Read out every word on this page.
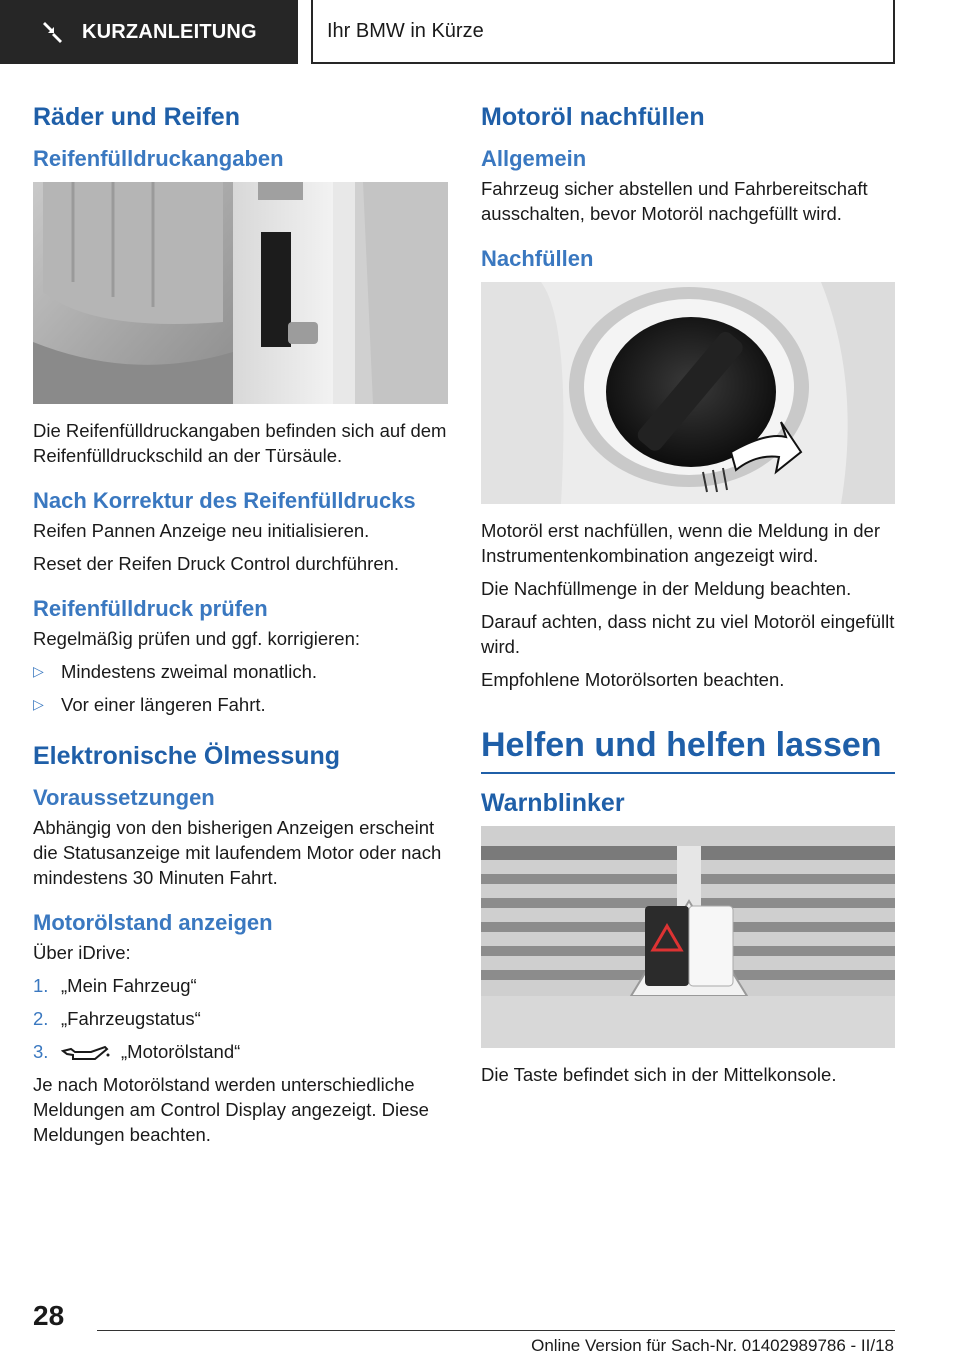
KURZANLEITUNG	Ihr BMW in Kürze
Räder und Reifen
Reifenfülldruckangaben
Die Reifenfülldruckangaben befinden sich auf dem Reifenfülldruckschild an der Türsäule.
Nach Korrektur des Reifenfülldrucks
Reifen Pannen Anzeige neu initialisieren.
Reset der Reifen Druck Control durchführen.
Reifenfülldruck prüfen
Regelmäßig prüfen und ggf. korrigieren:
▷ Mindestens zweimal monatlich.
▷ Vor einer längeren Fahrt.
Elektronische Ölmessung
Voraussetzungen
Abhängig von den bisherigen Anzeigen erscheint die Statusanzeige mit laufendem Motor oder nach mindestens 30 Minuten Fahrt.
Motorölstand anzeigen
Über iDrive:
1. „Mein Fahrzeug“
2. „Fahrzeugstatus“
3.	„Motorölstand“
Je nach Motorölstand werden unterschiedliche Meldungen am Control Display angezeigt. Diese Meldungen beachten.
Motoröl nachfüllen
Allgemein
Fahrzeug sicher abstellen und Fahrbereitschaft ausschalten, bevor Motoröl nachgefüllt wird.
Nachfüllen
Motoröl erst nachfüllen, wenn die Meldung in der Instrumentenkombination angezeigt wird.
Die Nachfüllmenge in der Meldung beachten.
Darauf achten, dass nicht zu viel Motoröl eingefüllt wird.
Empfohlene Motorölsorten beachten.
Helfen und helfen lassen
Warnblinker
Die Taste befindet sich in der Mittelkonsole.
28
Online Version für Sach-Nr. 01402989786 - II/18
